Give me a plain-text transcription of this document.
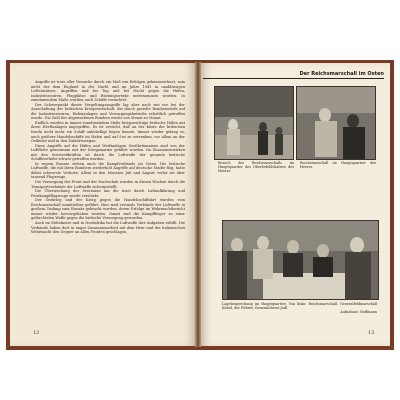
Angriffe ist trotz aller Versuche durch ein Maß von Erfolgen gekennzeichnet, zum nicht der dem England in der Nacht und im Jahre 1941 in unablässigen Lufteinsätzen, Angriffen und bei Tag und bei Nacht gegen die Häfen, Industriezentren, Flugplätze und Rüstungswerke unternommen worden. In zunehmendem Maße wurden auch Schiffe vernichtet.

Der Schwerpunkt dieser Vergeltungsangriffe lag aber nach wie vor bei der Ausschaltung der britischen Kriegswirtschaft, die durch gezielte Bombenwürfe auf die Industriezentren, Hafenanlagen und Versorgungsbetriebe erheblich getroffen wurde. Die Zahl der abgeworfenen Bomben wuchs von Monat zu Monat.

Endlich wurden in immer zunehmendem Maße kriegswichtige britische Häfen mit ihren Werftanlagen angegriffen. Es ist erreicht, daß an der Küste der britischen Inseln nicht mehr ein Schiff unbehelligt liegen konnte. Immer wieder gelang es, auch größere Handelsschiffe im Hafen und auf See zu versenken, vor allem an der Ostküste und in den Zufahrtswegen.

Diese Angriffe auf die Häfen und Werftanlagen Großbritanniens sind von der Luftflotte gemeinsam mit der Kriegsmarine geführt worden. Im Zusammenwirken mit den Seestreitkräften ist durch die Luftwaffe der gesamte britische Schiffsverkehr schwer getroffen worden.

In regem Einsatz stehen auch die Kampfverbände im Osten. Die britische Luftwaffe, die mit ihren Bombern wiederholt Angriffe auf deutsche Städte flog, hatte dabei schwerste Verluste. Allein in den Monaten Juli und August verlor sie über tausend Flugzeuge.

Die Versorgung der Front und der Nachschub wurden in diesen Wochen durch die Transportverbände der Luftwaffe sichergestellt.

Die Überwachung der Seeräume um die Insel durch Luftaufklärung und Fernkampfflugzeuge wurde verstärkt.

Der Seekrieg und der Krieg gegen die Handelsschiffahrt wurden vom Reichsmarschall unmittelbar geführt. Hier sind erstmals Verbände der Luftwaffe in großem Umfang zum Einsatz gebracht worden, deren Erfolge im Wehrmachtbericht immer wieder hervorgehoben wurden. Damit sind die Kampfflieger zu einer gefürchteten Waffe gegen die britische Versorgung geworden.

Auch im Mittelmeer und in Nordafrika hat die Luftwaffe ihre Aufgaben erfüllt. Die Verbände haben dort in enger Zusammenarbeit mit dem Heer und der italienischen Wehrmacht den Gegner an allen Fronten geschlagen.

12
Der Reichsmarschall im Osten
Besuch des Reichsmarschalls im Hauptquartier des Oberbefehlshabers des Heeres
Reichsmarschall im Hauptquartier des Heeres
Lagebesprechung im Hauptquartier. Von links: Reichsmarschall, Generalfeldmarschall Keitel, der Führer, Generaloberst Jodl
Aufnahme: Hoffmann
13
